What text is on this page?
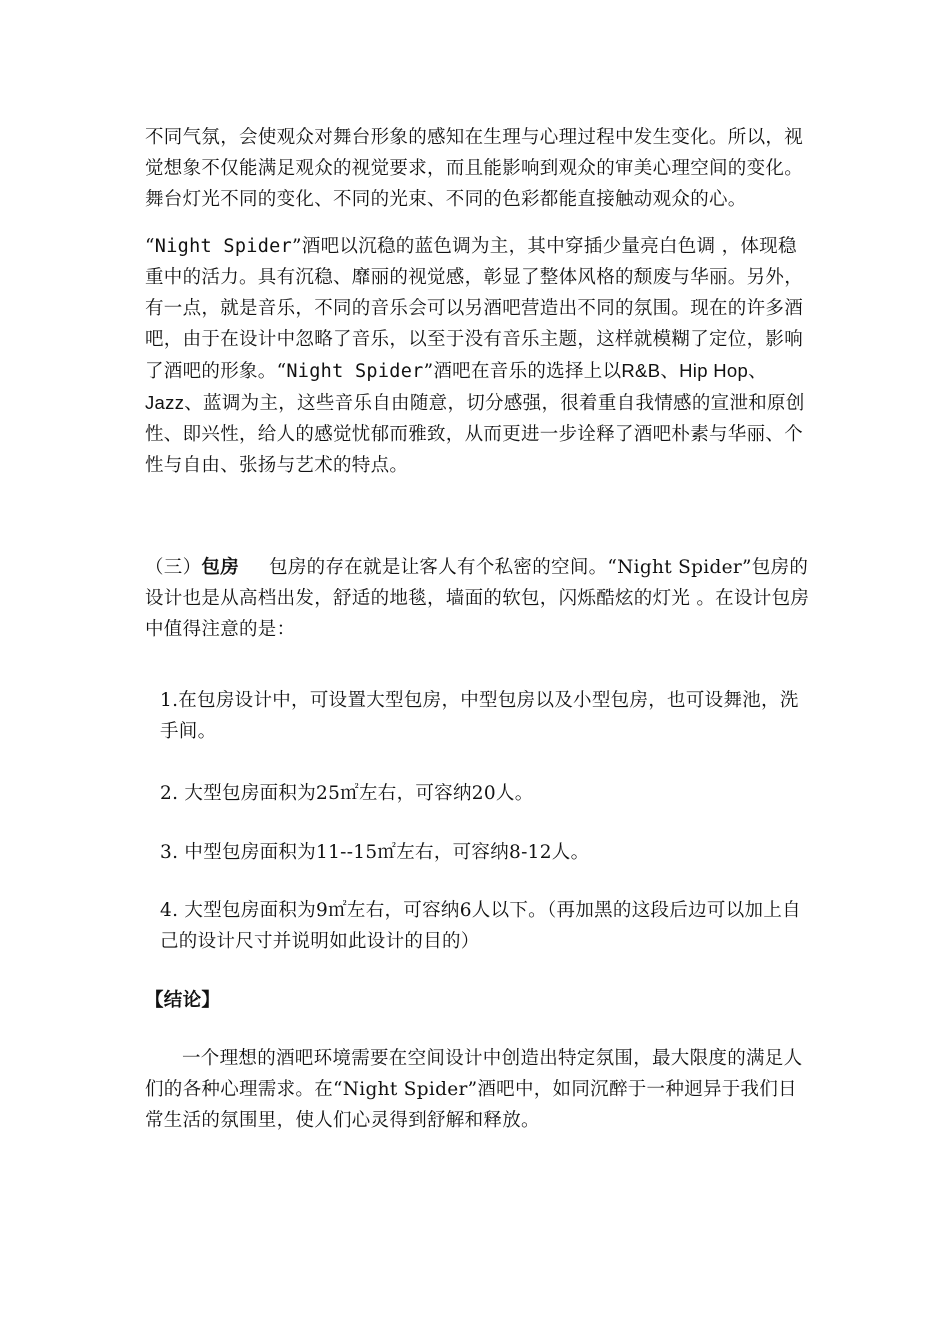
不同气氛，会使观众对舞台形象的感知在生理与心理过程中发生变化。所以，视觉想象不仅能满足观众的视觉要求，而且能影响到观众的审美心理空间的变化。舞台灯光不同的变化、不同的光束、不同的色彩都能直接触动观众的心。

“Night Spider”酒吧以沉稳的蓝色调为主，其中穿插少量亮白色调 ，体现稳重中的活力。具有沉稳、靡丽的视觉感，彰显了整体风格的颓废与华丽。另外，有一点，就是音乐，不同的音乐会可以另酒吧营造出不同的氛围。现在的许多酒吧，由于在设计中忽略了音乐，以至于没有音乐主题，这样就模糊了定位，影响了酒吧的形象。“Night Spider”酒吧在音乐的选择上以R&B、Hip Hop、Jazz、蓝调为主，这些音乐自由随意，切分感强，很着重自我情感的宣泄和原创性、即兴性，给人的感觉忧郁而雅致，从而更进一步诠释了酒吧朴素与华丽、个性与自由、张扬与艺术的特点。

（三）包房 包房的存在就是让客人有个私密的空间。“Night Spider”包房的设计也是从高档出发，舒适的地毯，墙面的软包，闪烁酷炫的灯光 。在设计包房中值得注意的是：

1.在包房设计中，可设置大型包房，中型包房以及小型包房，也可设舞池，洗手间。

2. 大型包房面积为25㎡左右，可容纳20人。

3. 中型包房面积为11--15㎡左右，可容纳8-12人。

4. 大型包房面积为9㎡左右，可容纳6人以下。（再加黑的这段后边可以加上自己的设计尺寸并说明如此设计的目的）

【结论】

一个理想的酒吧环境需要在空间设计中创造出特定氛围，最大限度的满足人们的各种心理需求。在“Night Spider”酒吧中，如同沉醉于一种迥异于我们日常生活的氛围里，使人们心灵得到舒解和释放。
